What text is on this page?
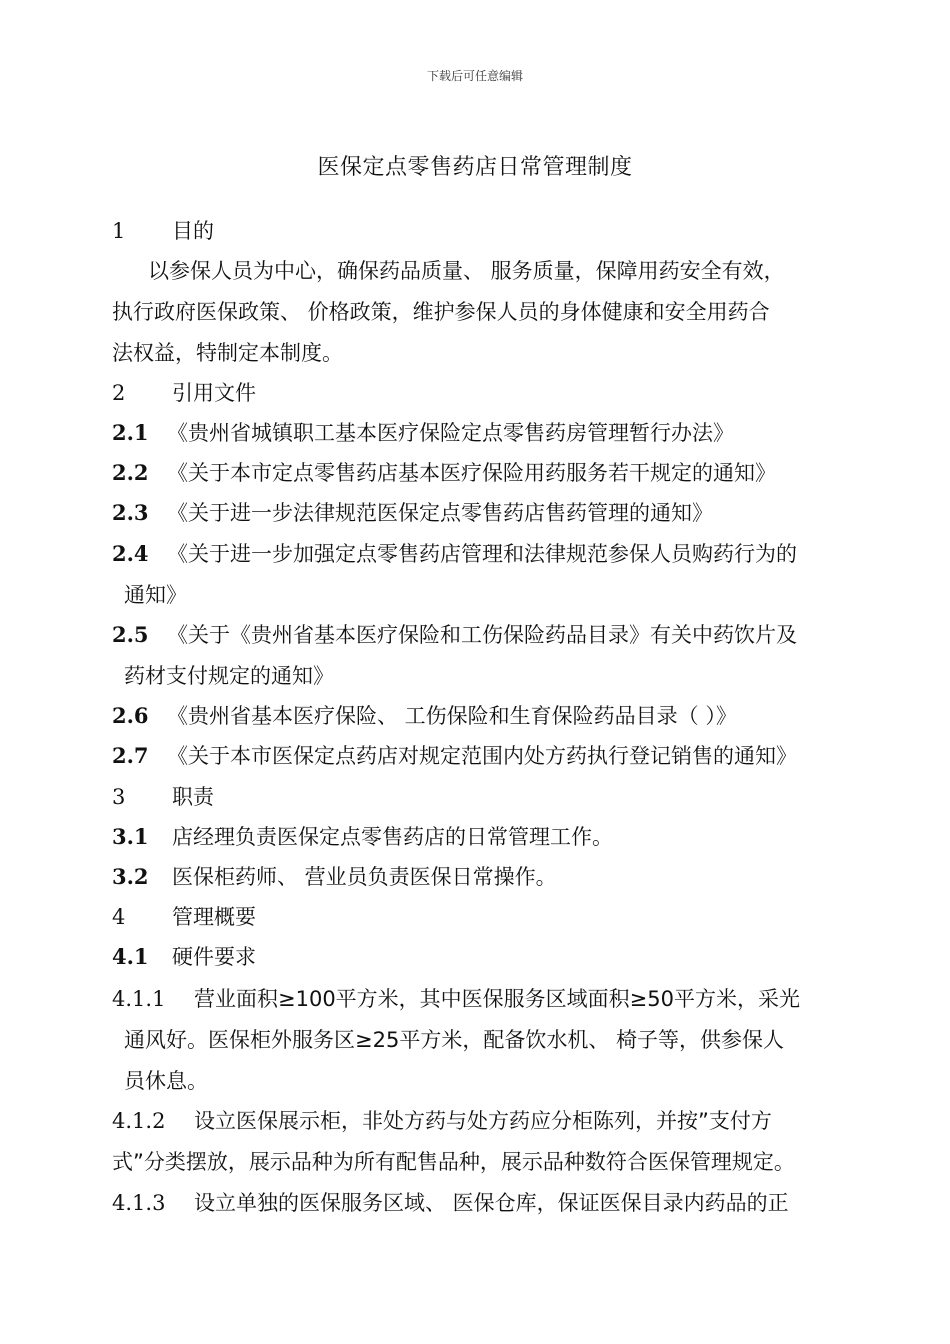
下载后可任意编辑
医保定点零售药店日常管理制度
1 目的
以参保人员为中心，确保药品质量、 服务质量，保障用药安全有效，
执行政府医保政策、 价格政策，维护参保人员的身体健康和安全用药合
法权益，特制定本制度。
2 引用文件
2.1 《贵州省城镇职工基本医疗保险定点零售药房管理暂行办法》
2.2 《关于本市定点零售药店基本医疗保险用药服务若干规定的通知》
2.3 《关于进一步法律规范医保定点零售药店售药管理的通知》
2.4 《关于进一步加强定点零售药店管理和法律规范参保人员购药行为的
通知》
2.5 《关于《贵州省基本医疗保险和工伤保险药品目录》有关中药饮片及
药材支付规定的通知》
2.6 《贵州省基本医疗保险、 工伤保险和生育保险药品目录（ ）》
2.7 《关于本市医保定点药店对规定范围内处方药执行登记销售的通知》
3 职责
3.1 店经理负责医保定点零售药店的日常管理工作。
3.2 医保柜药师、 营业员负责医保日常操作。
4 管理概要
4.1 硬件要求
4.1.1 营业面积≥100平方米，其中医保服务区域面积≥50平方米，采光
通风好。医保柜外服务区≥25平方米，配备饮水机、 椅子等，供参保人
员休息。
4.1.2 设立医保展示柜，非处方药与处方药应分柜陈列，并按”支付方
式”分类摆放，展示品种为所有配售品种，展示品种数符合医保管理规定。
4.1.3 设立单独的医保服务区域、 医保仓库，保证医保目录内药品的正
